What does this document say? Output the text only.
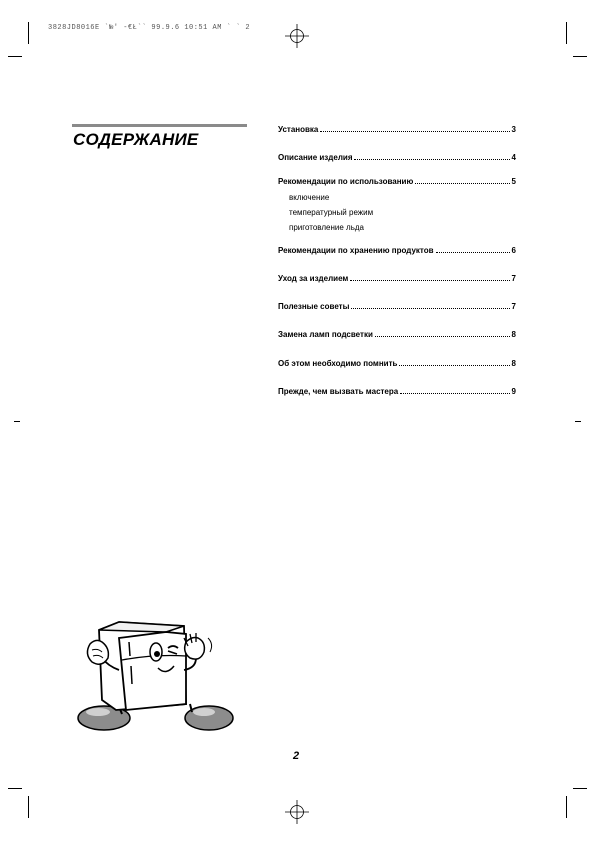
3828JD8016E `№' -€Ł`` 99.9.6 10:51 AM ` ` 2
СОДЕРЖАНИЕ
Установка	3
Описание изделия	4
Рекомендации по использованию	5
включение
температурный режим
приготовление льда
Рекомендации по хранению продуктов	6
Уход за изделием	7
Полезные советы	7
Замена ламп подсветки	8
Об этом необходимо помнить	8
Прежде, чем вызвать мастера	9
2
